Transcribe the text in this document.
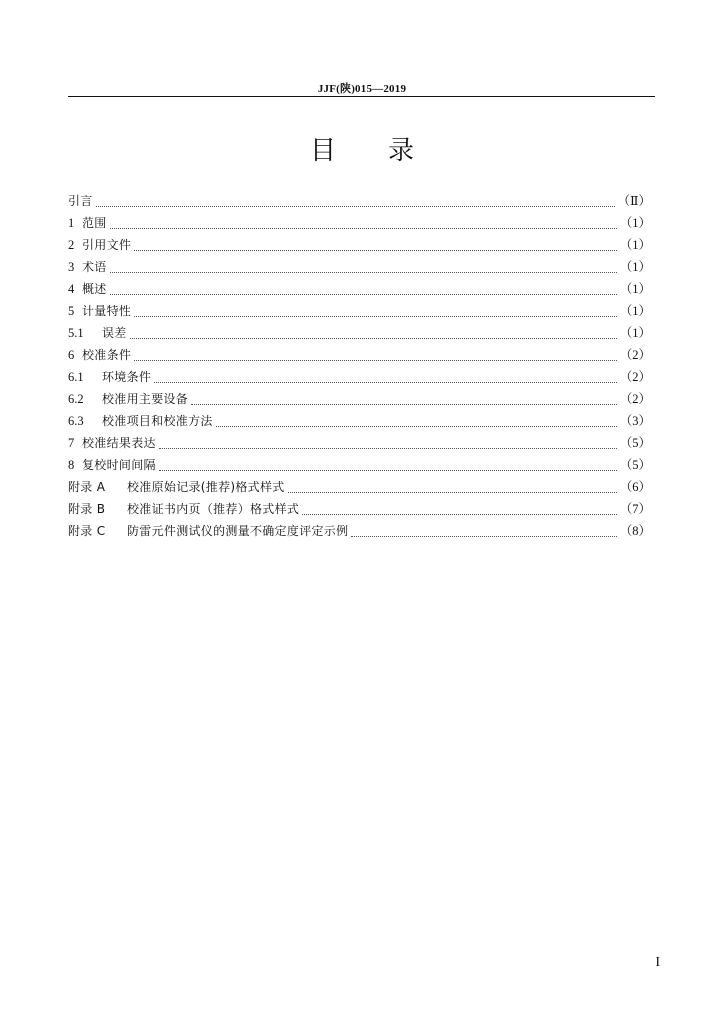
JJF(陕)015—2019
目 录
引言	（Ⅱ）
1 范围	（1）
2 引用文件	（1）
3 术语	（1）
4 概述	（1）
5 计量特性	（1）
5.1	误差	（1）
6 校准条件	（2）
6.1	环境条件	（2）
6.2	校准用主要设备	（2）
6.3	校准项目和校准方法	（3）
7 校准结果表达	（5）
8 复校时间间隔	（5）
附录 A	校准原始记录(推荐)格式样式	（6）
附录 B	校准证书内页（推荐）格式样式	（7）
附录 C	防雷元件测试仪的测量不确定度评定示例	（8）
I
